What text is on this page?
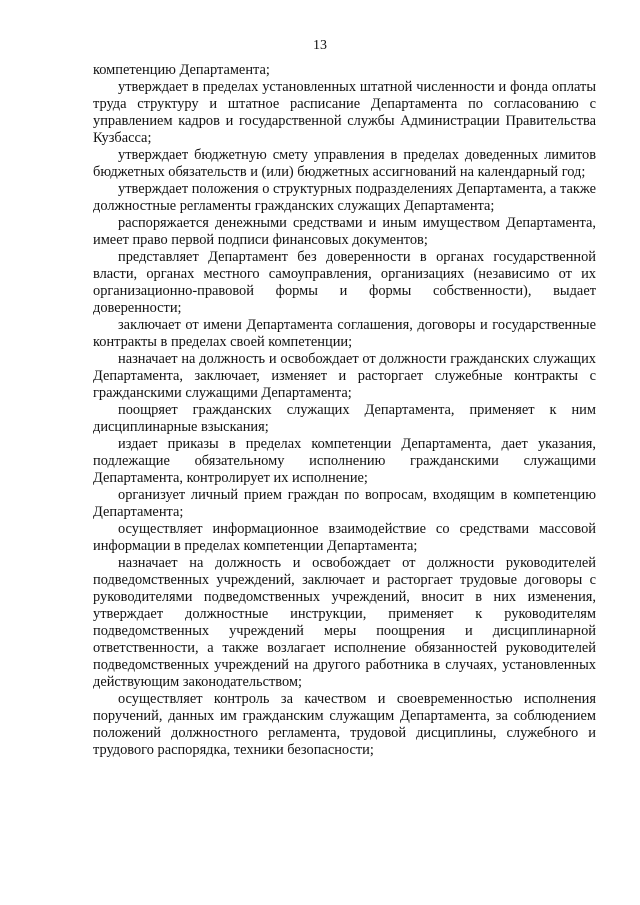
13

компетенцию Департамента;

утверждает в пределах установленных штатной численности и фонда оплаты труда структуру и штатное расписание Департамента по согласованию с управлением кадров и государственной службы Администрации Правительства Кузбасса;

утверждает бюджетную смету управления в пределах доведенных лимитов бюджетных обязательств и (или) бюджетных ассигнований на календарный год;

утверждает положения о структурных подразделениях Департамента, а также должностные регламенты гражданских служащих Департамента;

распоряжается денежными средствами и иным имуществом Департамента, имеет право первой подписи финансовых документов;

представляет Департамент без доверенности в органах государственной власти, органах местного самоуправления, организациях (независимо от их организационно-правовой формы и формы собственности), выдает доверенности;

заключает от имени Департамента соглашения, договоры и государственные контракты в пределах своей компетенции;

назначает на должность и освобождает от должности гражданских служащих Департамента, заключает, изменяет и расторгает служебные контракты с гражданскими служащими Департамента;

поощряет гражданских служащих Департамента, применяет к ним дисциплинарные взыскания;

издает приказы в пределах компетенции Департамента, дает указания, подлежащие обязательному исполнению гражданскими служащими Департамента, контролирует их исполнение;

организует личный прием граждан по вопросам, входящим в компетенцию Департамента;

осуществляет информационное взаимодействие со средствами массовой информации в пределах компетенции Департамента;

назначает на должность и освобождает от должности руководителей подведомственных учреждений, заключает и расторгает трудовые договоры с руководителями подведомственных учреждений, вносит в них изменения, утверждает должностные инструкции, применяет к руководителям подведомственных учреждений меры поощрения и дисциплинарной ответственности, а также возлагает исполнение обязанностей руководителей подведомственных учреждений на другого работника в случаях, установленных действующим законодательством;

осуществляет контроль за качеством и своевременностью исполнения поручений, данных им гражданским служащим Департамента, за соблюдением положений должностного регламента, трудовой дисциплины, служебного и трудового распорядка, техники безопасности;
